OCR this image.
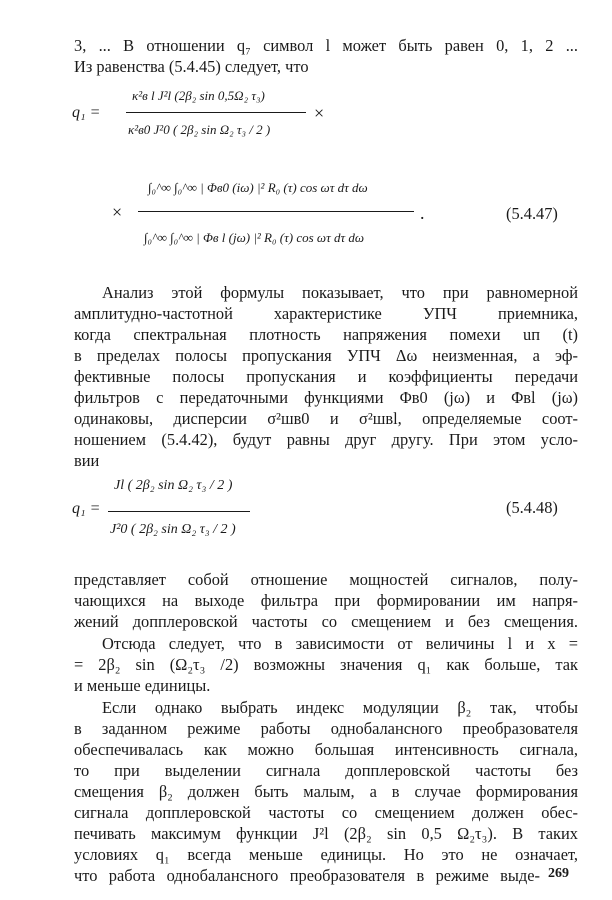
3, ... В отношении q₇ символ l может быть равен 0, 1, 2 ...
Из равенства (5.4.45) следует, что
q₁ =
κ²в l J²l (2β₂ sin 0,5Ω₂ τ₃)
κ²в0 J²0 ( 2β₂ sin Ω₂ τ₃ / 2 )
×
×
∫₀^∞ ∫₀^∞ | Φв0 (iω) |² R₀ (τ) cos ωτ dτ dω
∫₀^∞ ∫₀^∞ | Φв l (jω) |² R₀ (τ) cos ωτ dτ dω
.	(5.4.47)
Анализ этой формулы показывает, что при равномерной
амплитудно-частотной характеристике УПЧ приемника,
когда спектральная плотность напряжения помехи uп (t)
в пределах полосы пропускания УПЧ Δω неизменная, а эф-
фективные полосы пропускания и коэффициенты передачи
фильтров с передаточными функциями Φв0 (jω) и Φвl (jω)
одинаковы, дисперсии σ²шв0 и σ²швl, определяемые соот-
ношением (5.4.42), будут равны друг другу. При этом усло-
вии
q₁ =
Jl ( 2β₂ sin Ω₂ τ₃ / 2 )
J²0 ( 2β₂ sin Ω₂ τ₃ / 2 )
(5.4.48)
представляет собой отношение мощностей сигналов, полу-
чающихся на выходе фильтра при формировании им напря-
жений допплеровской частоты со смещением и без смещения.
Отсюда следует, что в зависимости от величины l и x =
= 2β₂ sin (Ω₂τ₃ /2) возможны значения q₁ как больше, так
и меньше единицы.
Если однако выбрать индекс модуляции β₂ так, чтобы
в заданном режиме работы однобалансного преобразователя
обеспечивалась как можно большая интенсивность сигнала,
то при выделении сигнала допплеровской частоты без
смещения β₂ должен быть малым, а в случае формирования
сигнала допплеровской частоты со смещением должен обес-
печивать максимум функции J²l (2β₂ sin 0,5 Ω₂τ₃). В таких
условиях q₁ всегда меньше единицы. Но это не означает,
что работа однобалансного преобразователя в режиме выде- 269
